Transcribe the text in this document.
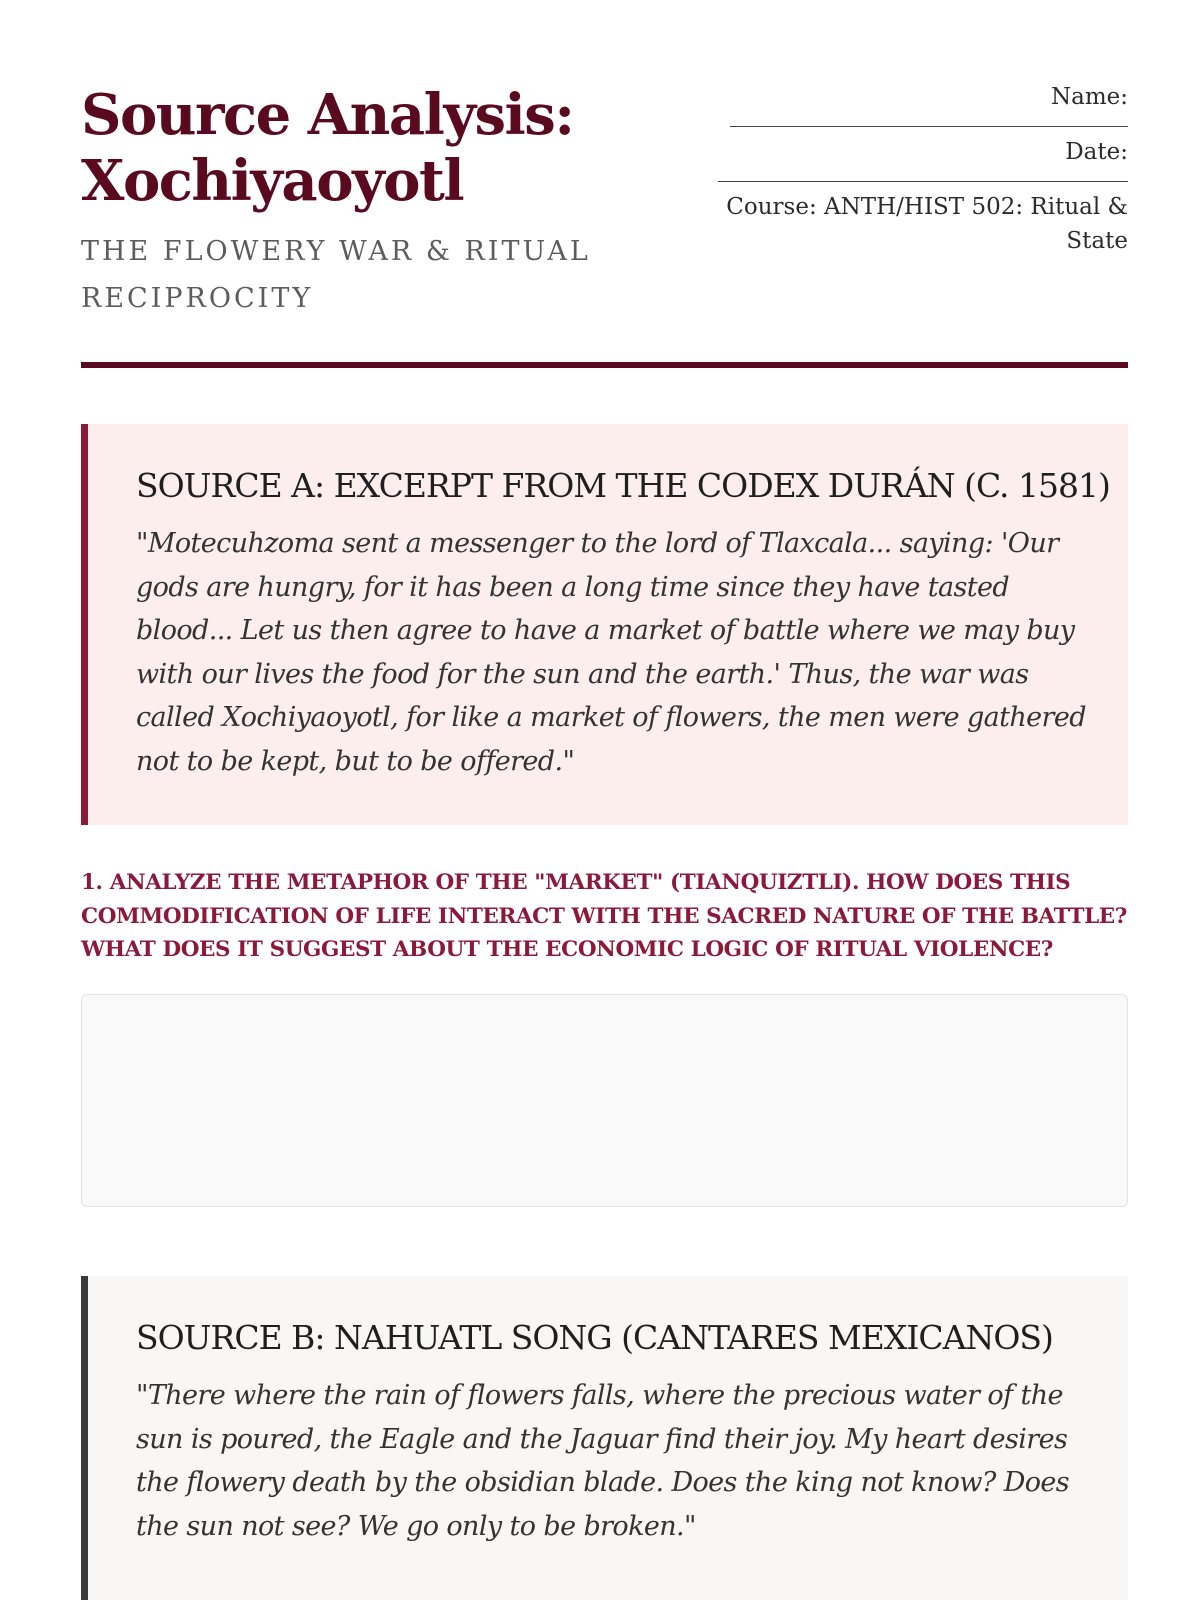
Source Analysis:
Xochiyaoyotl

THE FLOWERY WAR & RITUAL RECIPROCITY

Name:
Date:
Course: ANTH/HIST 502: Ritual & State
SOURCE A: EXCERPT FROM THE CODEX DURÁN (C. 1581)

"Motecuhzoma sent a messenger to the lord of Tlaxcala... saying: 'Our gods are hungry, for it has been a long time since they have tasted blood... Let us then agree to have a market of battle where we may buy with our lives the food for the sun and the earth.' Thus, the war was called Xochiyaoyotl, for like a market of flowers, the men were gathered not to be kept, but to be offered."

1. ANALYZE THE METAPHOR OF THE "MARKET" (TIANQUIZTLI). HOW DOES THIS COMMODIFICATION OF LIFE INTERACT WITH THE SACRED NATURE OF THE BATTLE? WHAT DOES IT SUGGEST ABOUT THE ECONOMIC LOGIC OF RITUAL VIOLENCE?

SOURCE B: NAHUATL SONG (CANTARES MEXICANOS)

"There where the rain of flowers falls, where the precious water of the sun is poured, the Eagle and the Jaguar find their joy. My heart desires the flowery death by the obsidian blade. Does the king not know? Does the sun not see? We go only to be broken."
